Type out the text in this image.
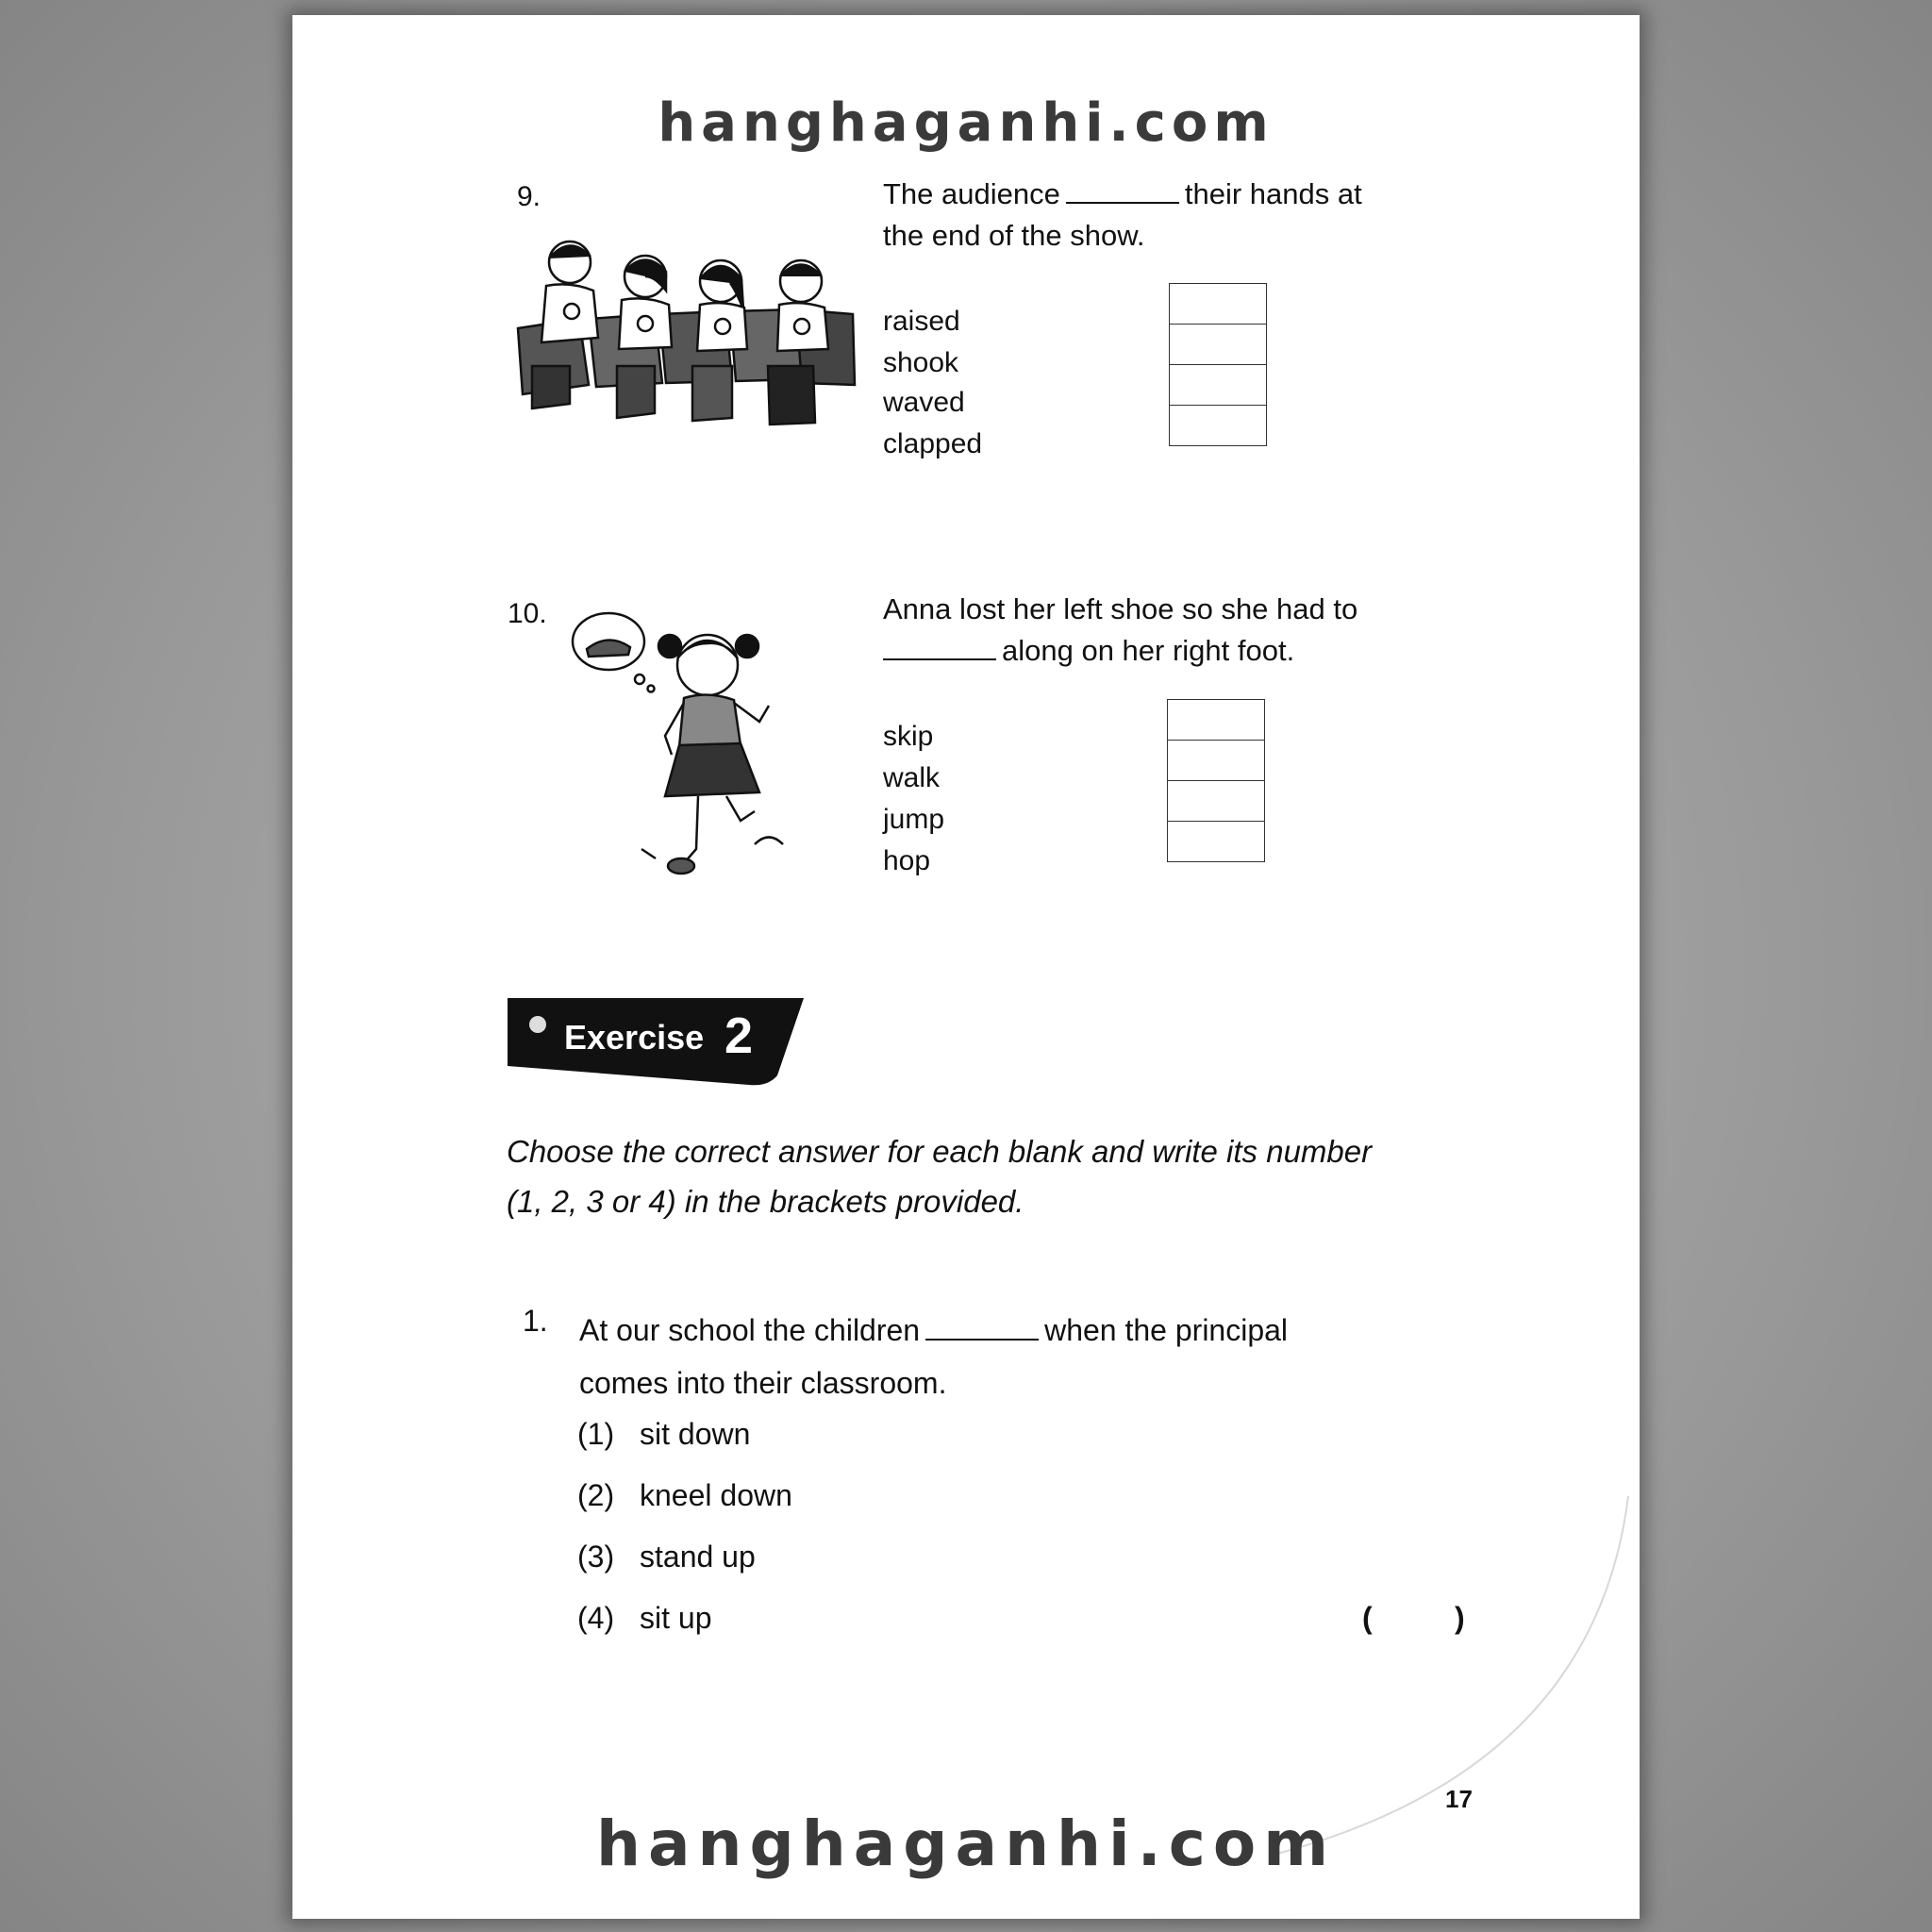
hanghaganhi.com
9.	The audience	their hands at
the end of the show.
raised
shook
waved
clapped
10.	Anna lost her left shoe so she had to
along on her right foot.
skip
walk
jump
hop
Exercise 2
Choose the correct answer for each blank and write its number
(1, 2, 3 or 4) in the brackets provided.
1. At our school the children	when the principal
comes into their classroom.
(1) sit down
(2) kneel down
(3) stand up
(4) sit up	(	)
17
hanghaganhi.com
